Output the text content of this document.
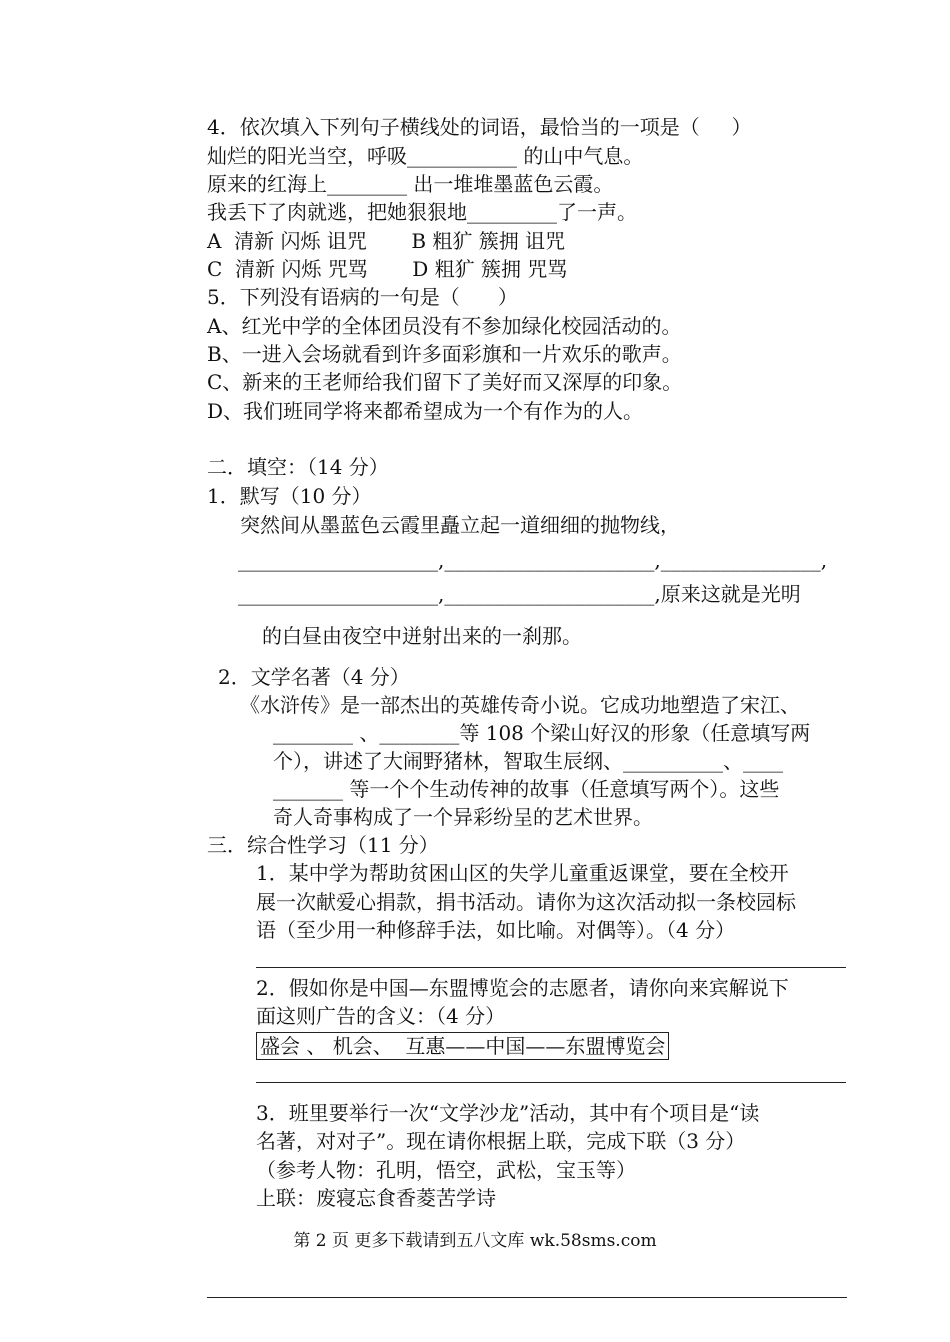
4．依次填入下列句子横线处的词语，最恰当的一项是（     ）
灿烂的阳光当空，呼吸___________ 的山中气息。
原来的红海上________ 出一堆堆墨蓝色云霞。
我丢下了肉就逃，把她狠狠地_________了一声。
A  清新 闪烁 诅咒       B 粗犷 簇拥 诅咒
C  清新 闪烁 咒骂       D 粗犷 簇拥 咒骂
5．下列没有语病的一句是（      ）
A、红光中学的全体团员没有不参加绿化校园活动的。
B、一进入会场就看到许多面彩旗和一片欢乐的歌声。
C、新来的王老师给我们留下了美好而又深厚的印象。
D、我们班同学将来都希望成为一个有作为的人。
二．填空：（14 分）
1．默写（10 分）
突然间从墨蓝色云霞里矗立起一道细细的抛物线，
____________________,_____________________,________________,
____________________,_____________________,原来这就是光明
的白昼由夜空中迸射出来的一刹那。
2．文学名著（4 分）
《水浒传》是一部杰出的英雄传奇小说。它成功地塑造了宋江、
________ 、________等 108 个梁山好汉的形象（任意填写两
个），讲述了大闹野猪林，智取生辰纲、__________、____
_______ 等一个个生动传神的故事（任意填写两个）。这些
奇人奇事构成了一个异彩纷呈的艺术世界。
三．综合性学习（11 分）
1．某中学为帮助贫困山区的失学儿童重返课堂，要在全校开
展一次献爱心捐款，捐书活动。请你为这次活动拟一条校园标
语（至少用一种修辞手法，如比喻。对偶等）。（4 分）
2．假如你是中国—东盟博览会的志愿者，请你向来宾解说下
面这则广告的含义：（4 分）
盛会 、 机会、  互惠——中国——东盟博览会
3．班里要举行一次“文学沙龙”活动，其中有个项目是“读
名著，对对子”。现在请你根据上联，完成下联（3 分）
（参考人物：孔明，悟空，武松，宝玉等）
上联：废寝忘食香菱苦学诗
第 2 页 更多下载请到五八文库 wk.58sms.com
